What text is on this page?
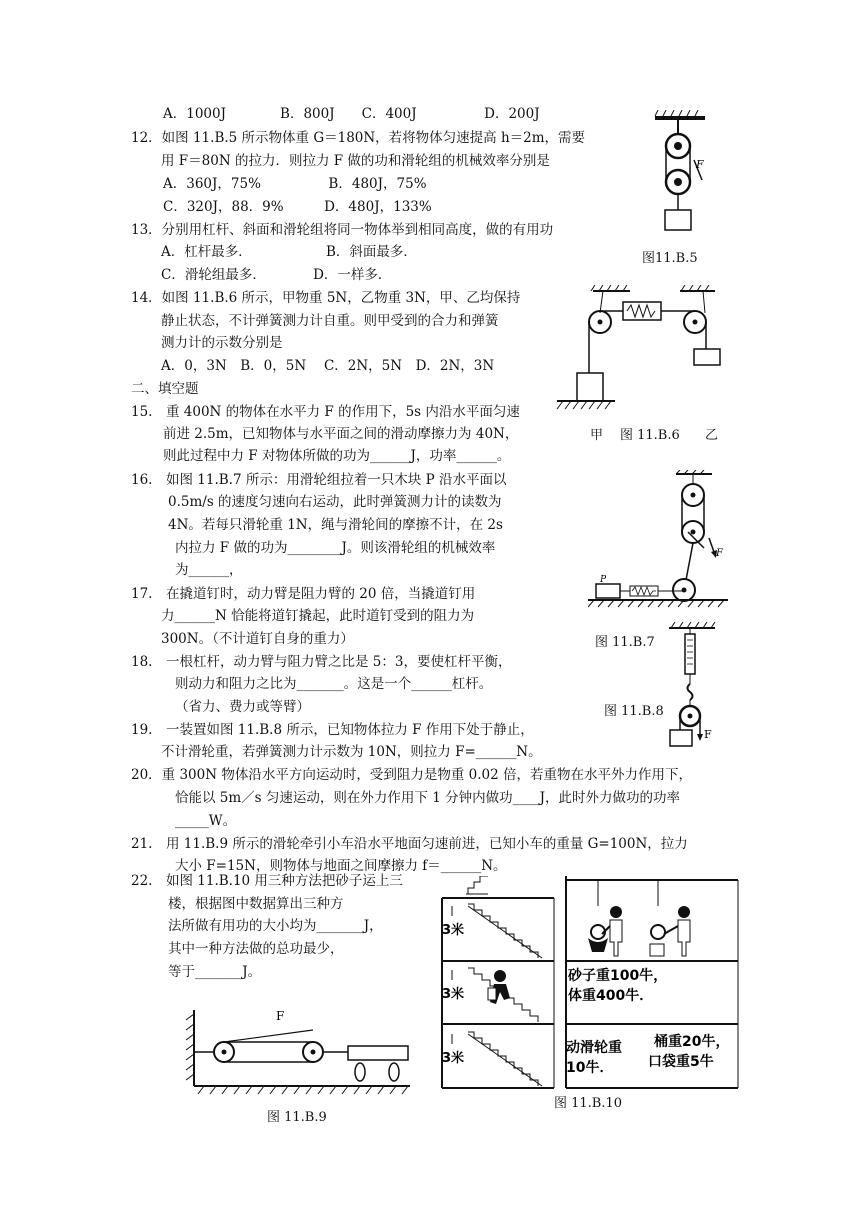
A．1000J　　　　B．800J　　C．400J　　　　　D．200J
12．如图 11.B.5 所示物体重 G＝180N，若将物体匀速提高 h＝2m，需要
用 F＝80N 的拉力．则拉力 F 做的功和滑轮组的机械效率分别是
A．360J，75%　　　　　B．480J，75%
C．320J，88．9%　　　D．480J，133%
13．分别用杠杆、斜面和滑轮组将同一物体举到相同高度，做的有用功
A．杠杆最多．　　　　　　B．斜面最多．
C．滑轮组最多．　　　　D．一样多．
14．如图 11.B.6 所示，甲物重 5N，乙物重 3N，甲、乙均保持
静止状态，不计弹簧测力计自重。则甲受到的合力和弹簧
测力计的示数分别是
A．0，3N　B．0，5N　 C．2N，5N　D．2N，3N
二、填空题
15.　重 400N 的物体在水平力 F 的作用下，5s 内沿水平面匀速
前进 2.5m，已知物体与水平面之间的滑动摩擦力为 40N，
则此过程中力 F 对物体所做的功为______J，功率______。
16.　如图 11.B.7 所示：用滑轮组拉着一只木块 P 沿水平面以
0.5m/s 的速度匀速向右运动，此时弹簧测力计的读数为
4N。若每只滑轮重 1N，绳与滑轮间的摩擦不计，在 2s
内拉力 F 做的功为________J。则该滑轮组的机械效率
为______，
17.　在撬道钉时，动力臂是阻力臂的 20 倍，当撬道钉用
力______N 恰能将道钉撬起，此时道钉受到的阻力为
300N。（不计道钉自身的重力）
18.　一根杠杆，动力臂与阻力臂之比是 5：3，要使杠杆平衡，
则动力和阻力之比为_______。这是一个______杠杆。
（省力、费力或等臂）
19.　一装置如图 11.B.8 所示，已知物体拉力 F 作用下处于静止，
不计滑轮重，若弹簧测力计示数为 10N，则拉力 F=______N。
20．重 300N 物体沿水平方向运动时，受到阻力是物重 0.02 倍，若重物在水平外力作用下，
恰能以 5m／s 匀速运动，则在外力作用下 1 分钟内做功____J，此时外力做功的功率
_____W。
21.　用 11.B.9 所示的滑轮牵引小车沿水平地面匀速前进，已知小车的重量 G=100N，拉力
大小 F=15N，则物体与地面之间摩擦力 f＝______N。
22.　如图 11.B.10 用三种方法把砂子运上三
楼，根据图中数据算出三种方
法所做有用功的大小均为_______J，
其中一种方法做的总功最少，
等于_______J。
F
图11.B.5
甲 图 11.B.6 乙
F
P
图 11.B.7
F
图 11.B.8
F
图 11.B.9
3米
3米
3米
砂子重100牛，
体重400牛．
动滑轮重
10牛．
桶重20牛，
口袋重5牛
图 11.B.10
